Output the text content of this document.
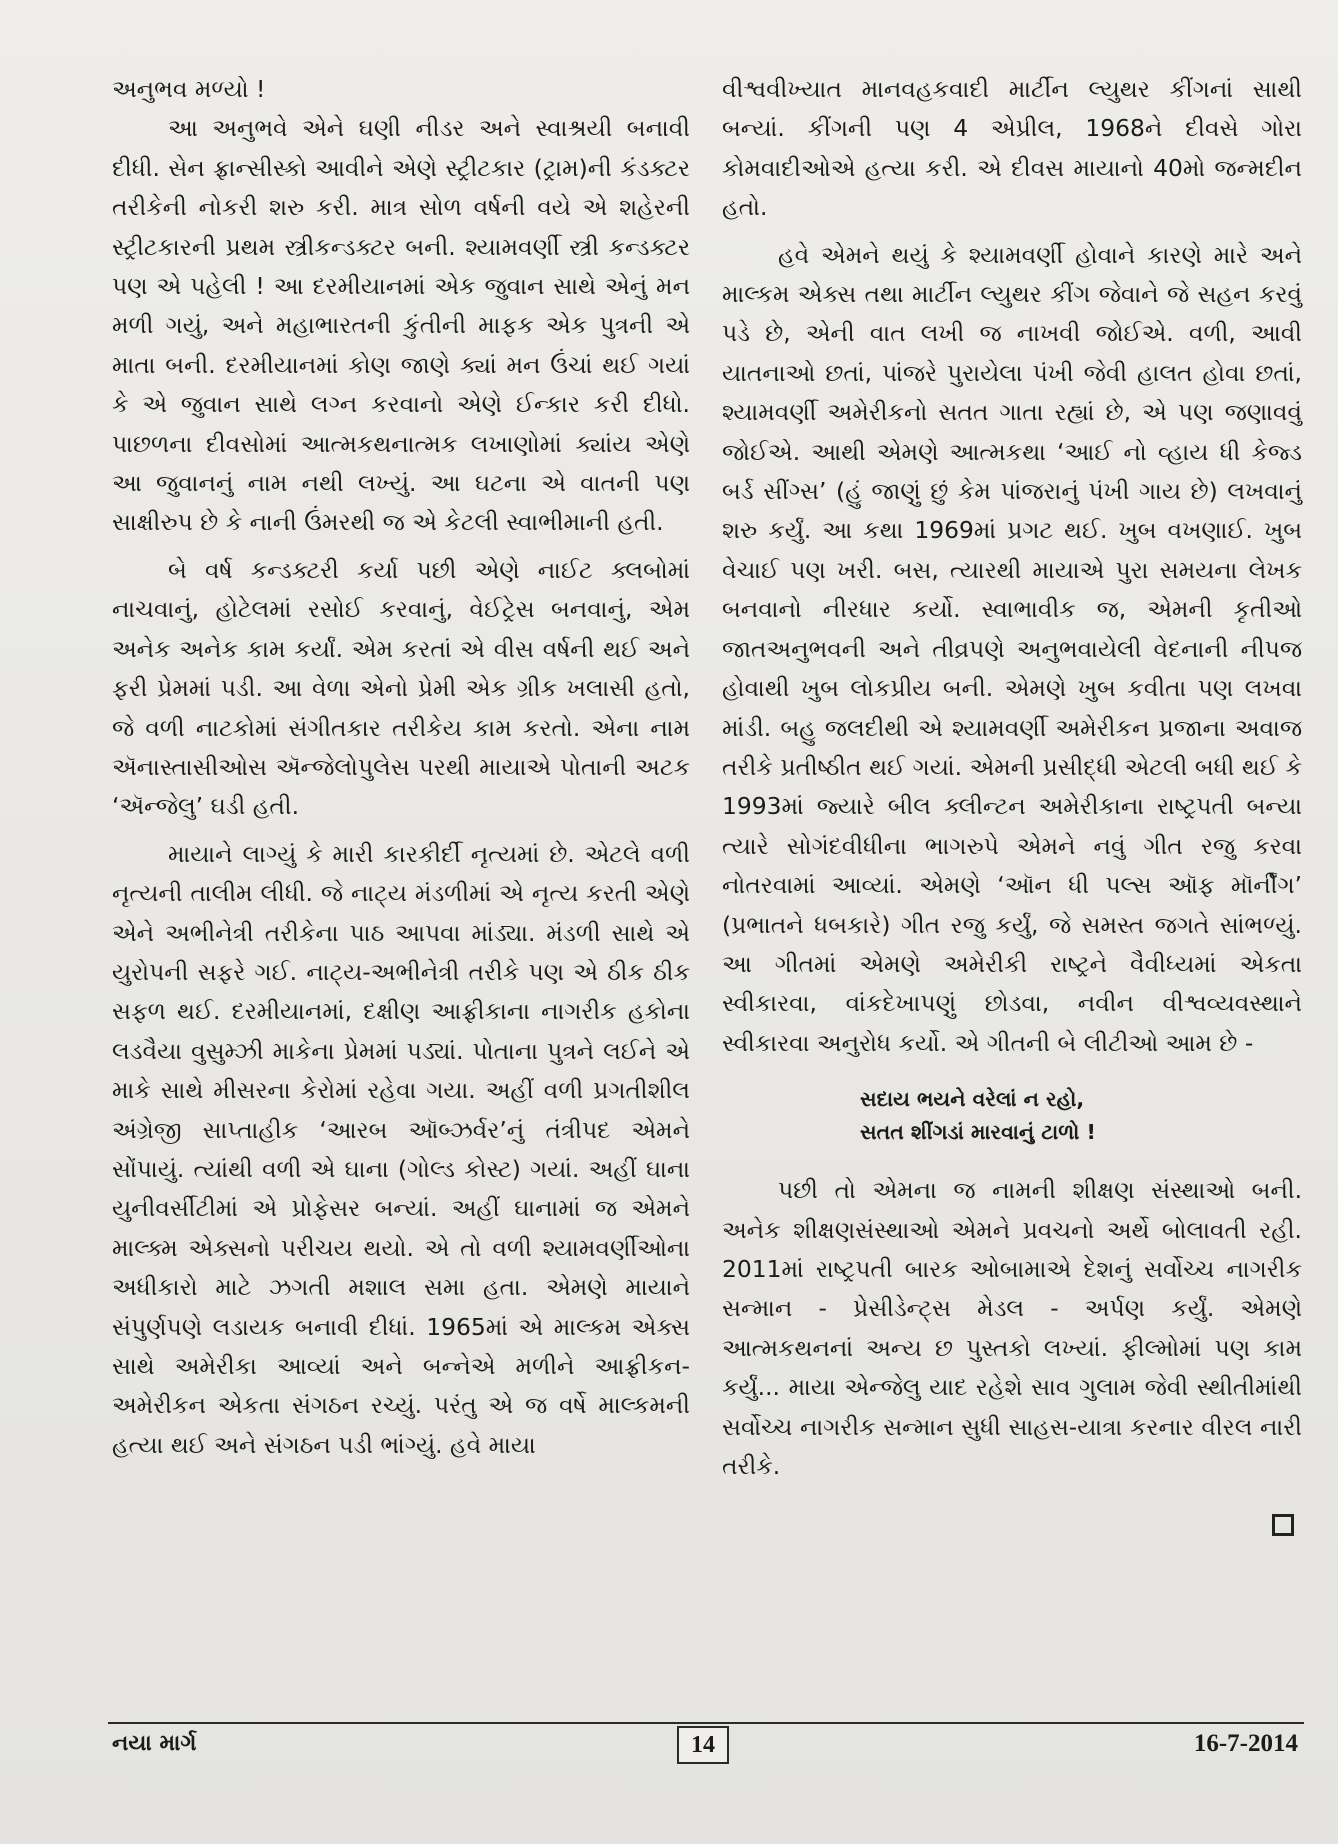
અનુભવ મળ્યો !

આ અનુભવે એને ઘણી નીડર અને સ્વાશ્રયી બનાવી દીધી. સેન ફ્રાન્સીસ્કો આવીને એણે સ્ટ્રીટકાર (ટ્રામ)ની કંડક્ટર તરીકેની નોકરી શરુ કરી. માત્ર સોળ વર્ષની વયે એ શહેરની સ્ટ્રીટકારની પ્રથમ સ્ત્રીકન્ડક્ટર બની. શ્યામવર્ણી સ્ત્રી કન્ડક્ટર પણ એ પહેલી ! આ દરમીયાનમાં એક જુવાન સાથે એનું મન મળી ગયું, અને મહાભારતની કુંતીની માફક એક પુત્રની એ માતા બની. દરમીયાનમાં કોણ જાણે ક્યાં મન ઉંચાં થઈ ગયાં કે એ જુવાન સાથે લગ્ન કરવાનો એણે ઈન્કાર કરી દીધો. પાછળના દીવસોમાં આત્મકથનાત્મક લખાણોમાં ક્યાંય એણે આ જુવાનનું નામ નથી લખ્યું. આ ઘટના એ વાતની પણ સાક્ષીરુપ છે કે નાની ઉંમરથી જ એ કેટલી સ્વાભીમાની હતી.

બે વર્ષ કન્ડક્ટરી કર્યા પછી એણે નાઈટ ક્લબોમાં નાચવાનું, હોટેલમાં રસોઈ કરવાનું, વેઈટ્રેસ બનવાનું, એમ અનેક અનેક કામ કર્યાં. એમ કરતાં એ વીસ વર્ષની થઈ અને ફરી પ્રેમમાં પડી. આ વેળા એનો પ્રેમી એક ગ્રીક ખલાસી હતો, જે વળી નાટકોમાં સંગીતકાર તરીકેય કામ કરતો. એના નામ ઍનાસ્તાસીઓસ ઍન્જેલોપુલેસ પરથી માયાએ પોતાની અટક ‘ઍન્જેલુ’ ઘડી હતી.

માયાને લાગ્યું કે મારી કારકીર્દી નૃત્યમાં છે. એટલે વળી નૃત્યની તાલીમ લીધી. જે નાટ્ય મંડળીમાં એ નૃત્ય કરતી એણે એને અભીનેત્રી તરીકેના પાઠ આપવા માંડ્યા. મંડળી સાથે એ યુરોપની સફરે ગઈ. નાટ્ય-અભીનેત્રી તરીકે પણ એ ઠીક ઠીક સફળ થઈ. દરમીયાનમાં, દક્ષીણ આફ્રીકાના નાગરીક હકોના લડવૈયા વુસુમ્ઝી માકેના પ્રેમમાં પડ્યાં. પોતાના પુત્રને લઈને એ માકે સાથે મીસરના કેરોમાં રહેવા ગયા. અહીં વળી પ્રગતીશીલ અંગ્રેજી સાપ્તાહીક ‘આરબ ઑબ્ઝર્વર’નું તંત્રીપદ એમને સોંપાયું. ત્યાંથી વળી એ ઘાના (ગોલ્ડ કોસ્ટ) ગયાં. અહીં ઘાના યુનીવર્સીટીમાં એ પ્રોફેસર બન્યાં. અહીં ઘાનામાં જ એમને માલ્ક્મ એક્સનો પરીચય થયો. એ તો વળી શ્યામવર્ણીઓના અધીકારો માટે ઝગતી મશાલ સમા હતા. એમણે માયાને સંપુર્ણપણે લડાયક બનાવી દીધાં. 1965માં એ માલ્કમ એક્સ સાથે અમેરીકા આવ્યાં અને બન્નેએ મળીને આફ્રીકન-અમેરીકન એકતા સંગઠન રચ્યું. પરંતુ એ જ વર્ષે માલ્કમની હત્યા થઈ અને સંગઠન પડી ભાંગ્યું. હવે માયા

વીશ્વવીખ્યાત માનવહકવાદી માર્ટીન લ્યુથર કીંગનાં સાથી બન્યાં. કીંગની પણ 4 એપ્રીલ, 1968ને દીવસે ગોરા કોમવાદીઓએ હત્યા કરી. એ દીવસ માયાનો 40મો જન્મદીન હતો.

હવે એમને થયું કે શ્યામવર્ણી હોવાને કારણે મારે અને માલ્કમ એક્સ તથા માર્ટીન લ્યુથર કીંગ જેવાને જે સહન કરવું પડે છે, એની વાત લખી જ નાખવી જોઈએ. વળી, આવી યાતનાઓ છતાં, પાંજરે પુરાયેલા પંખી જેવી હાલત હોવા છતાં, શ્યામવર્ણી અમેરીકનો સતત ગાતા રહ્યાં છે, એ પણ જણાવવું જોઈએ. આથી એમણે આત્મકથા ‘આઈ નો વ્હાય ધી કેજ્ડ બર્ડ સીંગ્સ’ (હું જાણું છું કેમ પાંજરાનું પંખી ગાય છે) લખવાનું શરુ કર્યું. આ કથા 1969માં પ્રગટ થઈ. ખુબ વખણાઈ. ખુબ વેચાઈ પણ ખરી. બસ, ત્યારથી માયાએ પુરા સમયના લેખક બનવાનો નીરધાર કર્યો. સ્વાભાવીક જ, એમની કૃતીઓ જાતઅનુભવની અને તીવ્રપણે અનુભવાયેલી વેદનાની નીપજ હોવાથી ખુબ લોકપ્રીય બની. એમણે ખુબ કવીતા પણ લખવા માંડી. બહુ જલદીથી એ શ્યામવર્ણી અમેરીકન પ્રજાના અવાજ તરીકે પ્રતીષ્ઠીત થઈ ગયાં. એમની પ્રસીદ્ધી એટલી બધી થઈ કે 1993માં જ્યારે બીલ ક્લીન્ટન અમેરીકાના રાષ્ટ્રપતી બન્યા ત્યારે સોગંદવીધીના ભાગરુપે એમને નવું ગીત રજુ કરવા નોતરવામાં આવ્યાં. એમણે ‘ઑન ધી પલ્સ ઑફ મૉર્નીંગ’ (પ્રભાતને ધબકારે) ગીત રજુ કર્યું, જે સમસ્ત જગતે સાંભળ્યું. આ ગીતમાં એમણે અમેરીકી રાષ્ટ્રને વૈવીધ્યમાં એકતા સ્વીકારવા, વાંકદેખાપણું છોડવા, નવીન વીશ્વવ્યવસ્થાને સ્વીકારવા અનુરોધ કર્યો. એ ગીતની બે લીટીઓ આમ છે -

સદાય ભયને વરેલાં ન રહો,
સતત શીંગડાં મારવાનું ટાળો !

પછી તો એમના જ નામની શીક્ષણ સંસ્થાઓ બની. અનેક શીક્ષણસંસ્થાઓ એમને પ્રવચનો અર્થે બોલાવતી રહી. 2011માં રાષ્ટ્રપતી બારક ઓબામાએ દેશનું સર્વોચ્ચ નાગરીક સન્માન - પ્રેસીડેન્ટ્સ મેડલ - અર્પણ કર્યું. એમણે આત્મકથનનાં અન્ય છ પુસ્તકો લખ્યાં. ફીલ્મોમાં પણ કામ કર્યું... માયા એન્જેલુ યાદ રહેશે સાવ ગુલામ જેવી સ્થીતીમાંથી સર્વોચ્ચ નાગરીક સન્માન સુધી સાહસ-યાત્રા કરનાર વીરલ નારી તરીકે.

નયા માર્ગ	14	16-7-2014
